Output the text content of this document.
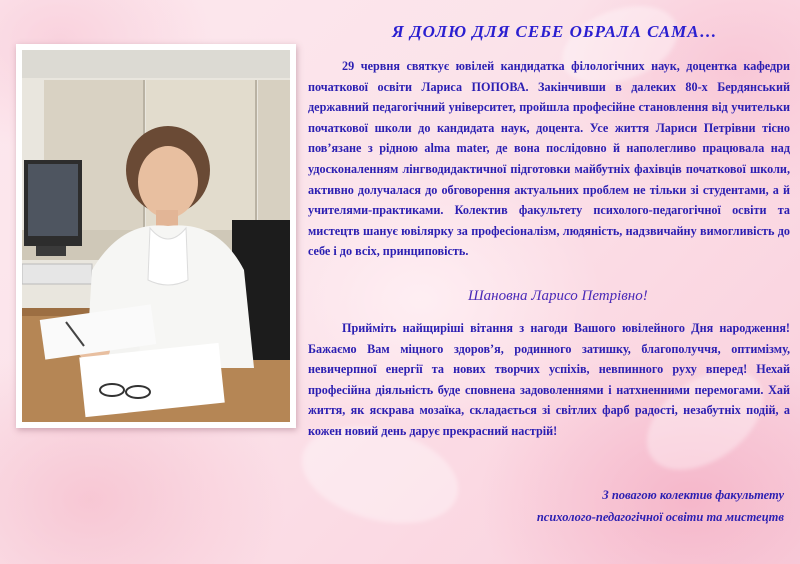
Я ДОЛЮ ДЛЯ СЕБЕ ОБРАЛА САМА…

29 червня святкує ювілей кандидатка філологічних наук, доцентка кафедри початкової освіти Лариса ПОПОВА. Закінчивши в далеких 80-х Бердянський державний педагогічний університет, пройшла професійне становлення від учительки початкової школи до кандидата наук, доцента. Усе життя Лариси Петрівни тісно пов’язане з рідною alma mater, де вона послідовно й наполегливо працювала над удосконаленням лінгводидактичної підготовки майбутніх фахівців початкової школи, активно долучалася до обговорення актуальних проблем не тільки зі студентами, а й учителями-практиками. Колектив факультету психолого-педагогічної освіти та мистецтв шанує ювілярку за професіоналізм, людяність, надзвичайну вимогливість до себе і до всіх, принциповість.

Шановна Ларисо Петрівно!

Прийміть найщиріші вітання з нагоди Вашого ювілейного Дня народження! Бажаємо Вам міцного здоров’я, родинного затишку, благополуччя, оптимізму, невичерпної енергії та нових творчих успіхів, невпинного руху вперед! Нехай професійна діяльність буде сповнена задоволеннями і натхненними перемогами. Хай життя, як яскрава мозаїка, складається зі світлих фарб радості, незабутніх подій, а кожен новий день дарує прекрасний настрій!

З повагою колектив факультету
психолого-педагогічної освіти та мистецтв
